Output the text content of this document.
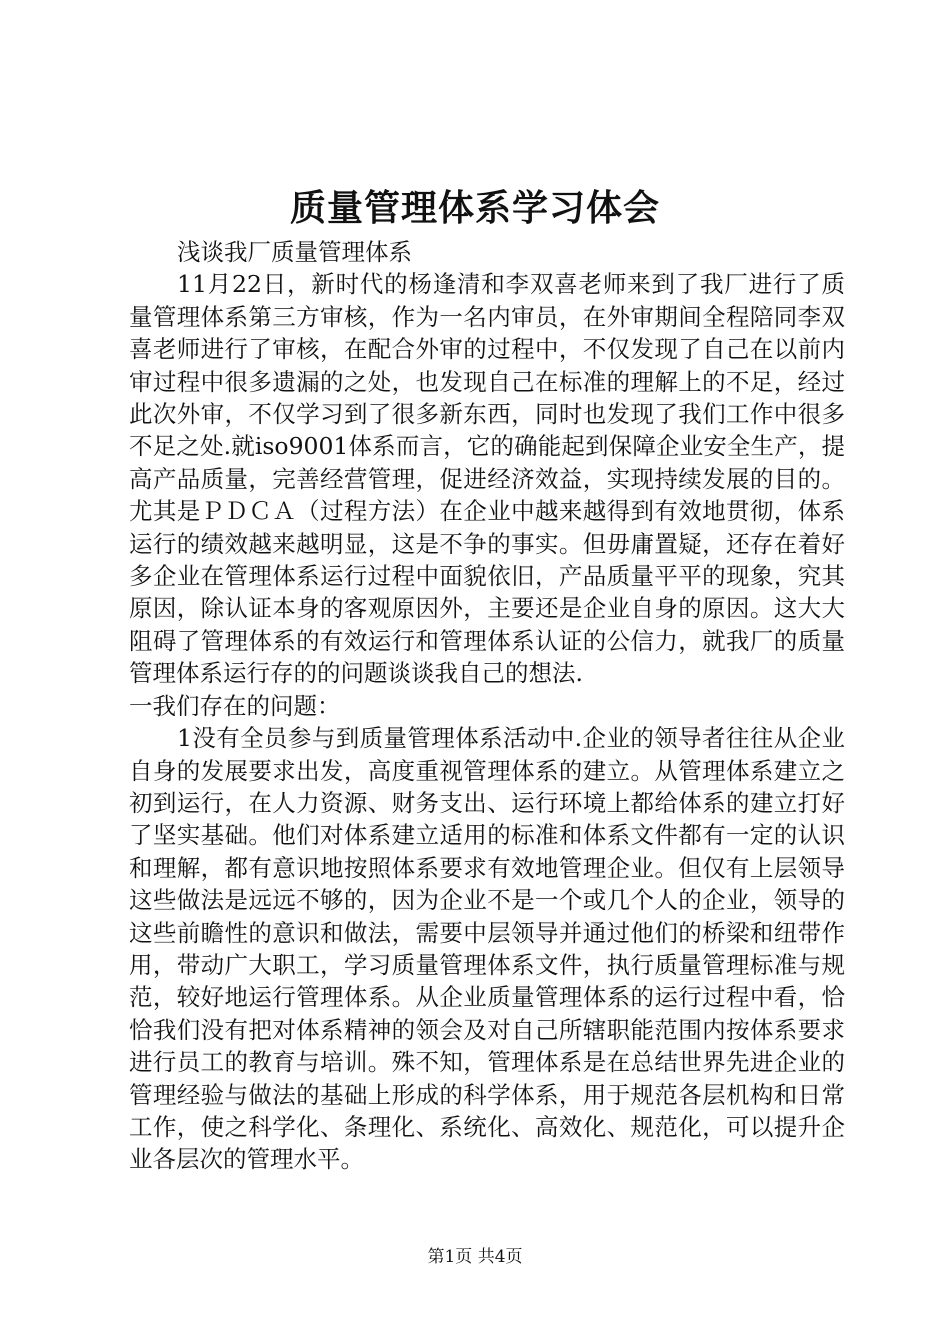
质量管理体系学习体会

浅谈我厂质量管理体系

11月22日，新时代的杨逢清和李双喜老师来到了我厂进行了质量管理体系第三方审核，作为一名内审员，在外审期间全程陪同李双喜老师进行了审核，在配合外审的过程中，不仅发现了自己在以前内审过程中很多遗漏的之处，也发现自己在标准的理解上的不足，经过此次外审，不仅学习到了很多新东西，同时也发现了我们工作中很多不足之处.就iso9001体系而言，它的确能起到保障企业安全生产，提高产品质量，完善经营管理，促进经济效益，实现持续发展的目的。尤其是ＰＤＣＡ（过程方法）在企业中越来越得到有效地贯彻，体系运行的绩效越来越明显，这是不争的事实。但毋庸置疑，还存在着好多企业在管理体系运行过程中面貌依旧，产品质量平平的现象，究其原因，除认证本身的客观原因外，主要还是企业自身的原因。这大大阻碍了管理体系的有效运行和管理体系认证的公信力，就我厂的质量管理体系运行存的的问题谈谈我自己的想法.

一我们存在的问题：

1没有全员参与到质量管理体系活动中.企业的领导者往往从企业自身的发展要求出发，高度重视管理体系的建立。从管理体系建立之初到运行，在人力资源、财务支出、运行环境上都给体系的建立打好了坚实基础。他们对体系建立适用的标准和体系文件都有一定的认识和理解，都有意识地按照体系要求有效地管理企业。但仅有上层领导这些做法是远远不够的，因为企业不是一个或几个人的企业，领导的这些前瞻性的意识和做法，需要中层领导并通过他们的桥梁和纽带作用，带动广大职工，学习质量管理体系文件，执行质量管理标准与规范，较好地运行管理体系。从企业质量管理体系的运行过程中看，恰恰我们没有把对体系精神的领会及对自己所辖职能范围内按体系要求进行员工的教育与培训。殊不知，管理体系是在总结世界先进企业的管理经验与做法的基础上形成的科学体系，用于规范各层机构和日常工作，使之科学化、条理化、系统化、高效化、规范化，可以提升企业各层次的管理水平。

第1页 共4页
